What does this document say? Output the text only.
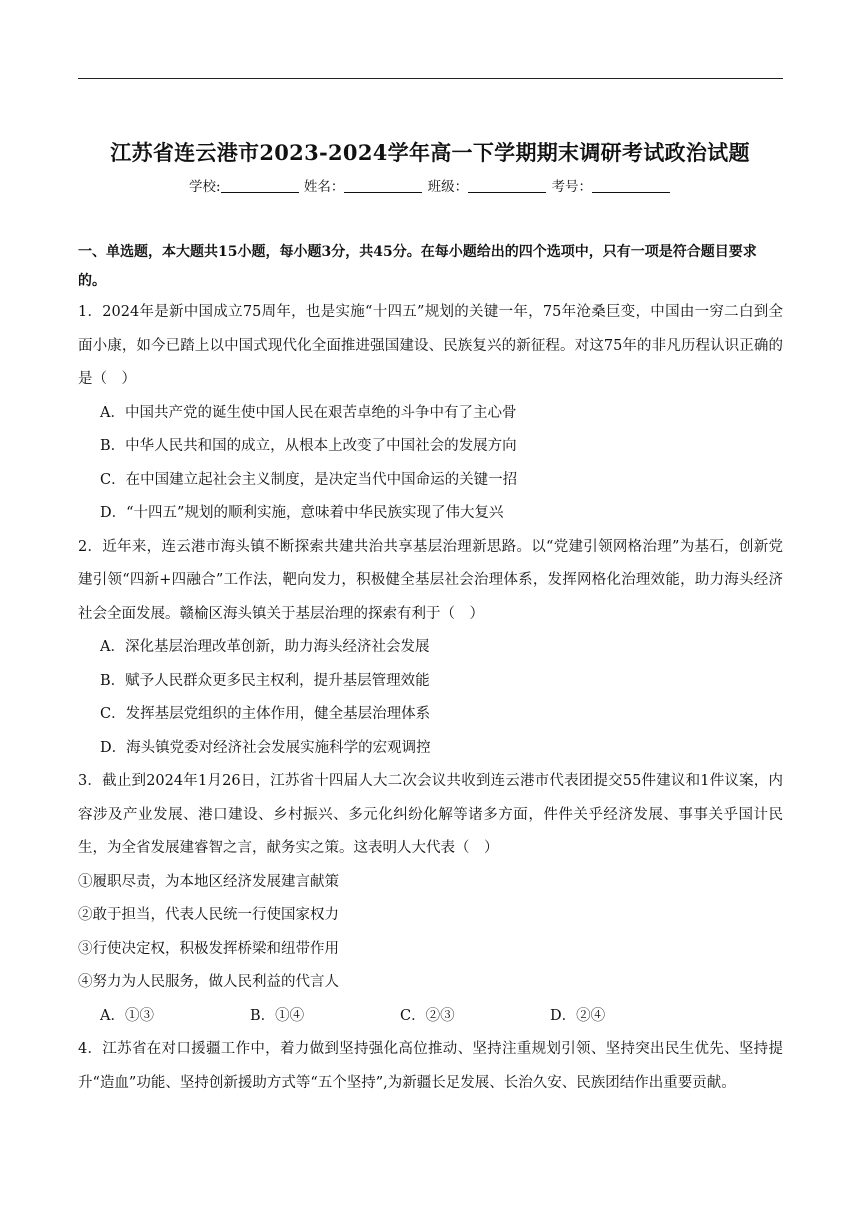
江苏省连云港市2023-2024学年高一下学期期末调研考试政治试题
学校:	姓名：	班级：	考号：

一、单选题，本大题共15小题，每小题3分，共45分。在每小题给出的四个选项中，只有一项是符合题目要求的。

1．2024年是新中国成立75周年，也是实施“十四五”规划的关键一年，75年沧桑巨变，中国由一穷二白到全面小康，如今已踏上以中国式现代化全面推进强国建设、民族复兴的新征程。对这75年的非凡历程认识正确的是（　）

A．中国共产党的诞生使中国人民在艰苦卓绝的斗争中有了主心骨

B．中华人民共和国的成立，从根本上改变了中国社会的发展方向

C．在中国建立起社会主义制度，是决定当代中国命运的关键一招

D．“十四五”规划的顺利实施，意味着中华民族实现了伟大复兴

2．近年来，连云港市海头镇不断探索共建共治共享基层治理新思路。以“党建引领网格治理”为基石，创新党建引领“四新+四融合”工作法，靶向发力，积极健全基层社会治理体系，发挥网格化治理效能，助力海头经济社会全面发展。赣榆区海头镇关于基层治理的探索有利于（　）

A．深化基层治理改革创新，助力海头经济社会发展

B．赋予人民群众更多民主权利，提升基层管理效能

C．发挥基层党组织的主体作用，健全基层治理体系

D．海头镇党委对经济社会发展实施科学的宏观调控

3．截止到2024年1月26日，江苏省十四届人大二次会议共收到连云港市代表团提交55件建议和1件议案，内容涉及产业发展、港口建设、乡村振兴、多元化纠纷化解等诸多方面，件件关乎经济发展、事事关乎国计民生，为全省发展建睿智之言，献务实之策。这表明人大代表（　）

①履职尽责，为本地区经济发展建言献策

②敢于担当，代表人民统一行使国家权力

③行使决定权，积极发挥桥梁和纽带作用

④努力为人民服务，做人民利益的代言人

A．①③	B．①④	C．②③	D．②④

4．江苏省在对口援疆工作中，着力做到坚持强化高位推动、坚持注重规划引领、坚持突出民生优先、坚持提升“造血”功能、坚持创新援助方式等“五个坚持”,为新疆长足发展、长治久安、民族团结作出重要贡献。
